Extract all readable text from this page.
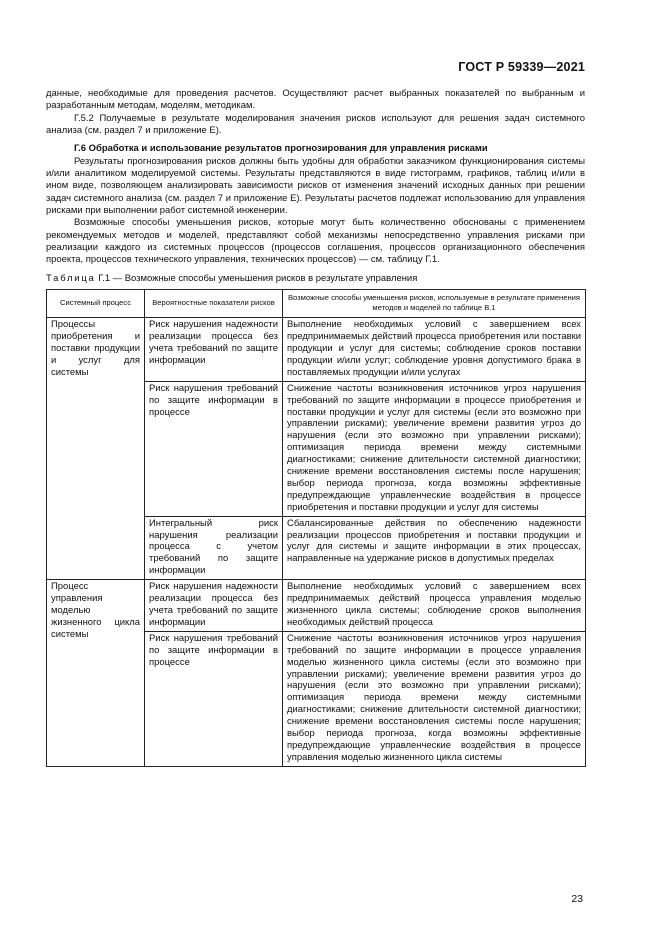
ГОСТ Р 59339—2021

данные, необходимые для проведения расчетов. Осуществляют расчет выбранных показателей по выбранным и разработанным методам, моделям, методикам.

Г.5.2 Получаемые в результате моделирования значения рисков используют для решения задач системного анализа (см. раздел 7 и приложение Е).

Г.6 Обработка и использование результатов прогнозирования для управления рисками

Результаты прогнозирования рисков должны быть удобны для обработки заказчиком функционирования системы и/или аналитиком моделируемой системы. Результаты представляются в виде гистограмм, графиков, таблиц и/или в ином виде, позволяющем анализировать зависимости рисков от изменения значений исходных данных при решении задач системного анализа (см. раздел 7 и приложение Е). Результаты расчетов подлежат использованию для управления рисками при выполнении работ системной инженерии.

Возможные способы уменьшения рисков, которые могут быть количественно обоснованы с применением рекомендуемых методов и моделей, представляют собой механизмы непосредственно управления рисками при реализации каждого из системных процессов (процессов соглашения, процессов организационного обеспечения проекта, процессов технического управления, технических процессов) — см. таблицу Г.1.

Таблица Г.1 — Возможные способы уменьшения рисков в результате управления
Системный процесс	Вероятностные показатели рисков	Возможные способы уменьшения рисков, используемые в результате применения методов и моделей по таблице В.1
Процессы приобретения и поставки продукции и услуг для системы	Риск нарушения надежности реализации процесса без учета требований по защите информации	Выполнение необходимых условий с завершением всех предпринимаемых действий процесса приобретения или поставки продукции и услуг для системы; соблюдение сроков поставки продукции и/или услуг; соблюдение уровня допустимого брака в поставляемых продукции и/или услугах
	Риск нарушения требований по защите информации в процессе	Снижение частоты возникновения источников угроз нарушения требований по защите информации в процессе приобретения и поставки продукции и услуг для системы (если это возможно при управлении рисками); увеличение времени развития угроз до нарушения (если это возможно при управлении рисками); оптимизация периода времени между системными диагностиками; снижение длительности системной диагностики; снижение времени восстановления системы после нарушения; выбор периода прогноза, когда возможны эффективные предупреждающие управленческие воздействия в процессе приобретения и поставки продукции и услуг для системы
	Интегральный риск нарушения реализации процесса с учетом требований по защите информации	Сбалансированные действия по обеспечению надежности реализации процессов приобретения и поставки продукции и услуг для системы и защите информации в этих процессах, направленные на удержание рисков в допустимых пределах
Процесс управления моделью жизненного цикла системы	Риск нарушения надежности реализации процесса без учета требований по защите информации	Выполнение необходимых условий с завершением всех предпринимаемых действий процесса управления моделью жизненного цикла системы; соблюдение сроков выполнения необходимых действий процесса
	Риск нарушения требований по защите информации в процессе	Снижение частоты возникновения источников угроз нарушения требований по защите информации в процессе управления моделью жизненного цикла системы (если это возможно при управлении рисками); увеличение времени развития угроз до нарушения (если это возможно при управлении рисками); оптимизация периода времени между системными диагностиками; снижение длительности системной диагностики; снижение времени восстановления системы после нарушения; выбор периода прогноза, когда возможны эффективные предупреждающие управленческие воздействия в процессе управления моделью жизненного цикла системы
23
